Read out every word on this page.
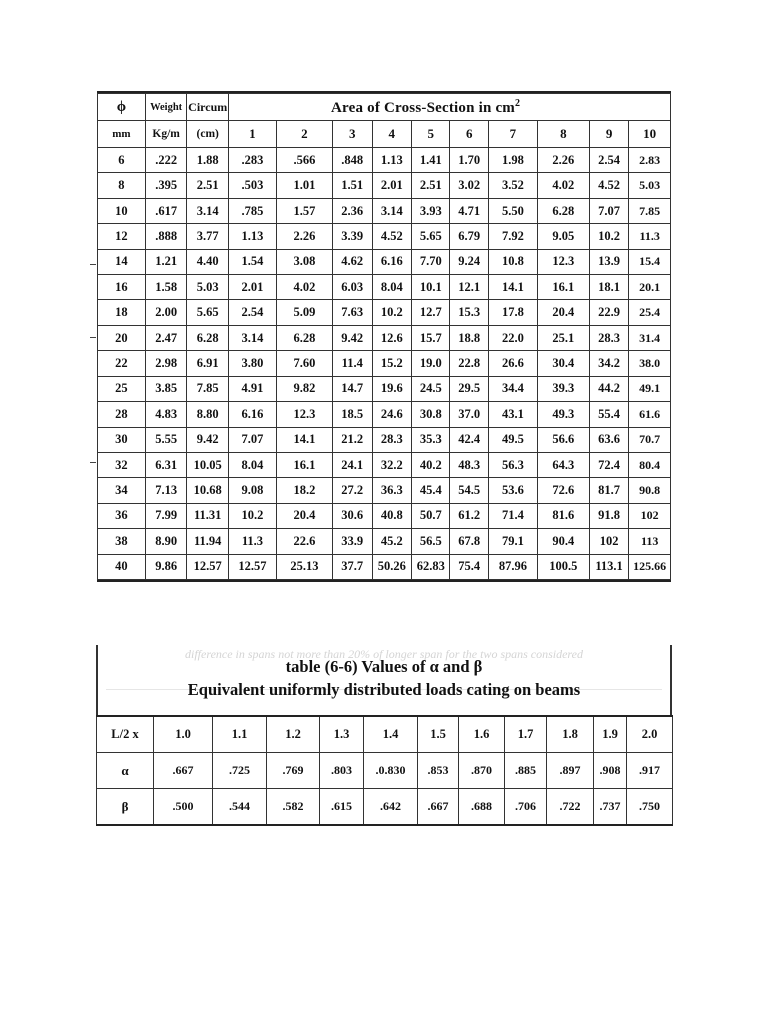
ϕ	Weight	Circum	Area of Cross-Section in $cm^2$
mm	Kg/m	(cm)	1	2	3	4	5	6	7	8	9	10
6	.222	1.88	.283	.566	.848	1.13	1.41	1.70	1.98	2.26	2.54	2.83
8	.395	2.51	.503	1.01	1.51	2.01	2.51	3.02	3.52	4.02	4.52	5.03
10	.617	3.14	.785	1.57	2.36	3.14	3.93	4.71	5.50	6.28	7.07	7.85
12	.888	3.77	1.13	2.26	3.39	4.52	5.65	6.79	7.92	9.05	10.2	11.3
14	1.21	4.40	1.54	3.08	4.62	6.16	7.70	9.24	10.8	12.3	13.9	15.4
16	1.58	5.03	2.01	4.02	6.03	8.04	10.1	12.1	14.1	16.1	18.1	20.1
18	2.00	5.65	2.54	5.09	7.63	10.2	12.7	15.3	17.8	20.4	22.9	25.4
20	2.47	6.28	3.14	6.28	9.42	12.6	15.7	18.8	22.0	25.1	28.3	31.4
22	2.98	6.91	3.80	7.60	11.4	15.2	19.0	22.8	26.6	30.4	34.2	38.0
25	3.85	7.85	4.91	9.82	14.7	19.6	24.5	29.5	34.4	39.3	44.2	49.1
28	4.83	8.80	6.16	12.3	18.5	24.6	30.8	37.0	43.1	49.3	55.4	61.6
30	5.55	9.42	7.07	14.1	21.2	28.3	35.3	42.4	49.5	56.6	63.6	70.7
32	6.31	10.05	8.04	16.1	24.1	32.2	40.2	48.3	56.3	64.3	72.4	80.4
34	7.13	10.68	9.08	18.2	27.2	36.3	45.4	54.5	53.6	72.6	81.7	90.8
36	7.99	11.31	10.2	20.4	30.6	40.8	50.7	61.2	71.4	81.6	91.8	102
38	8.90	11.94	11.3	22.6	33.9	45.2	56.5	67.8	79.1	90.4	102	113
40	9.86	12.57	12.57	25.13	37.7	50.26	62.83	75.4	87.96	100.5	113.1	125.66
difference in spans not more than 20% of longer span for the two spans considered
table (6-6) Values of α and β
Equivalent uniformly distributed loads cating on beams
L/2 x	1.0	1.1	1.2	1.3	1.4	1.5	1.6	1.7	1.8	1.9	2.0
α	.667	.725	.769	.803	.0.830	.853	.870	.885	.897	.908	.917
β	.500	.544	.582	.615	.642	.667	.688	.706	.722	.737	.750
